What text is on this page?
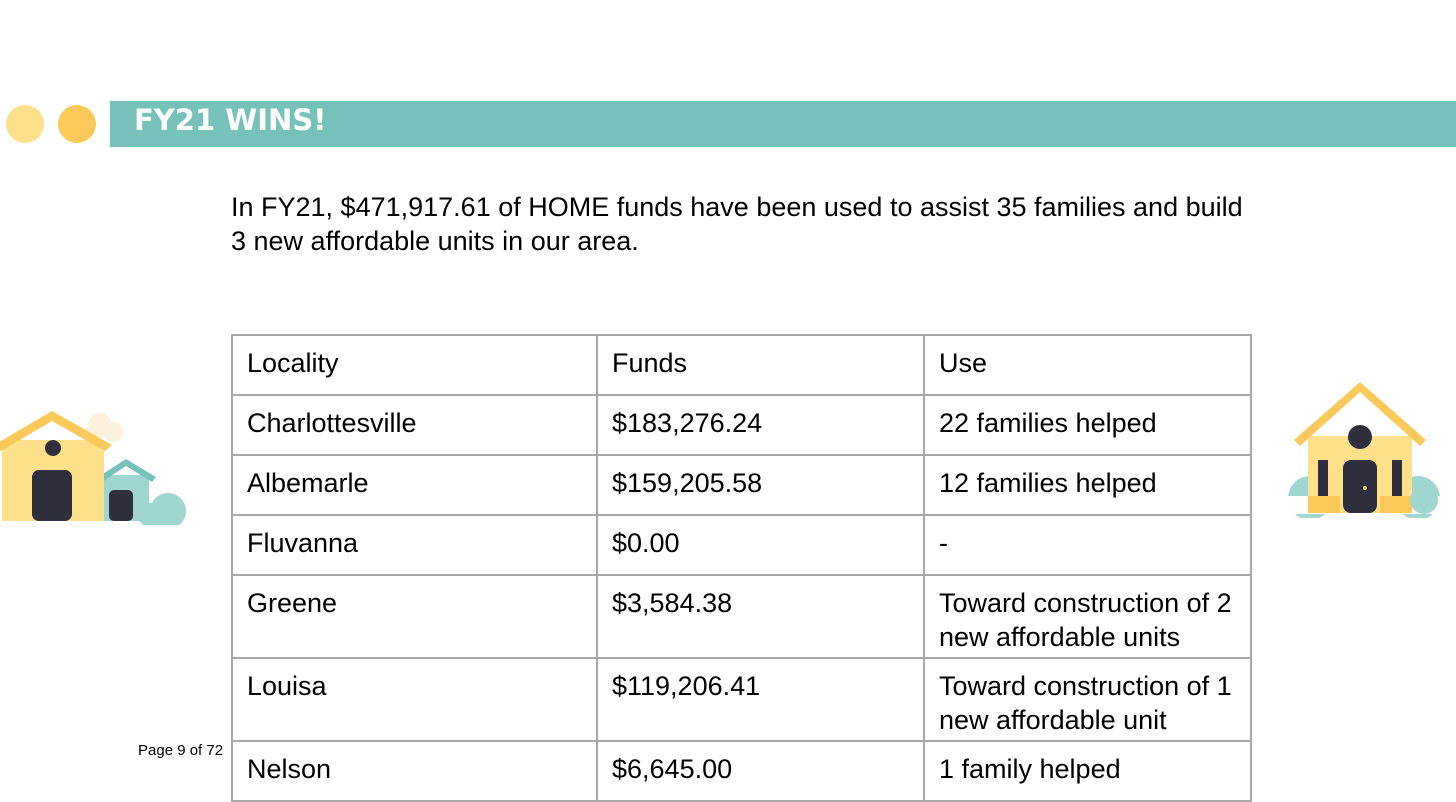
FY21 WINS!
In FY21, $471,917.61 of HOME funds have been used to assist 35 families and build 3 new affordable units in our area.
Locality	Funds	Use
Charlottesville	$183,276.24	22 families helped
Albemarle	$159,205.58	12 families helped
Fluvanna	$0.00	-
Greene	$3,584.38	Toward construction of 2 new affordable units
Louisa	$119,206.41	Toward construction of 1 new affordable unit
Nelson	$6,645.00	1 family helped
Page 9 of 72
